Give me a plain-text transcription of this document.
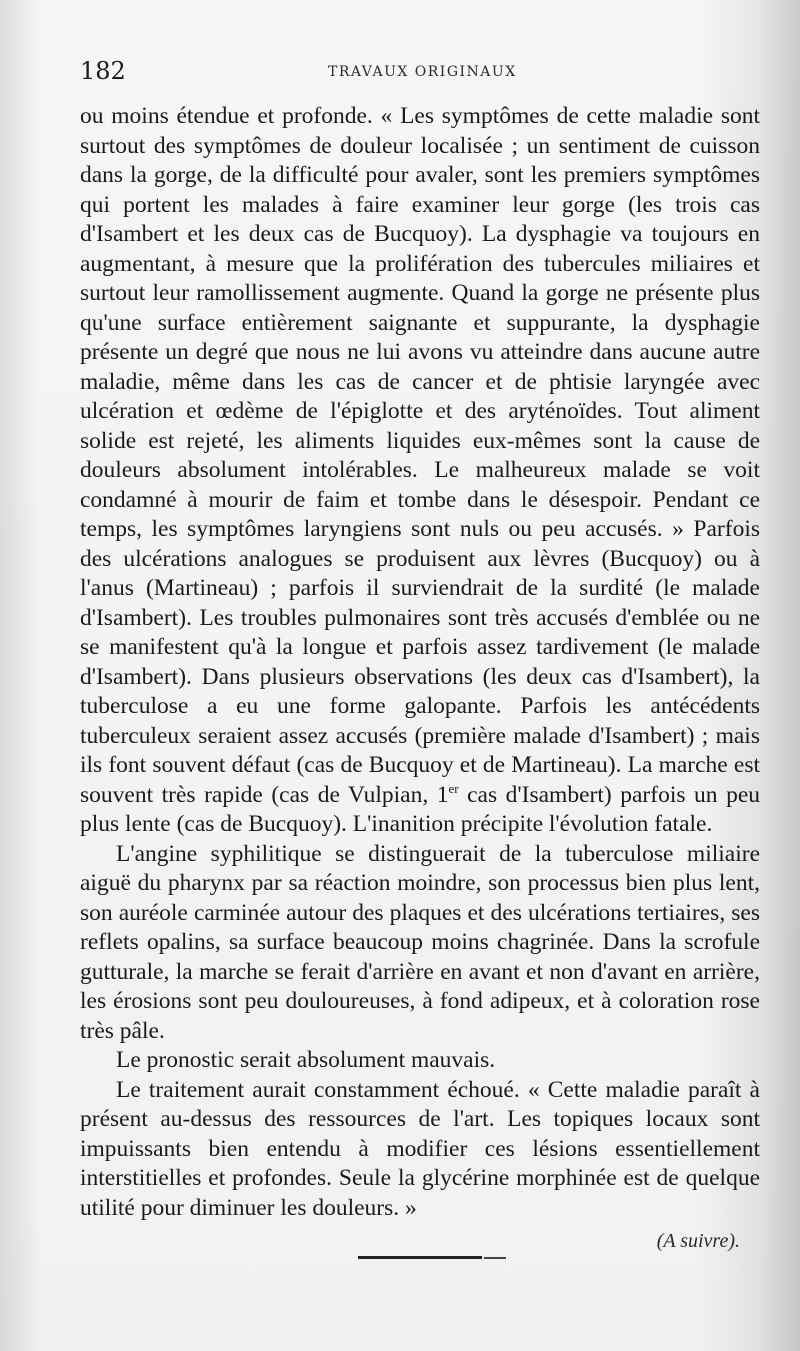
182	TRAVAUX ORIGINAUX

ou moins étendue et profonde. « Les symptômes de cette maladie sont surtout des symptômes de douleur localisée ; un sentiment de cuisson dans la gorge, de la difficulté pour avaler, sont les premiers symptômes qui portent les malades à faire examiner leur gorge (les trois cas d'Isambert et les deux cas de Bucquoy). La dysphagie va toujours en augmentant, à mesure que la prolifération des tubercules miliaires et surtout leur ramollissement augmente. Quand la gorge ne présente plus qu'une surface entièrement saignante et suppurante, la dysphagie présente un degré que nous ne lui avons vu atteindre dans aucune autre maladie, même dans les cas de cancer et de phtisie laryngée avec ulcération et œdème de l'épiglotte et des aryténoïdes. Tout aliment solide est rejeté, les aliments liquides eux-mêmes sont la cause de douleurs absolument intolérables. Le malheureux malade se voit condamné à mourir de faim et tombe dans le désespoir. Pendant ce temps, les symptômes laryngiens sont nuls ou peu accusés. » Parfois des ulcérations analogues se produisent aux lèvres (Bucquoy) ou à l'anus (Martineau) ; parfois il surviendrait de la surdité (le malade d'Isambert). Les troubles pulmonaires sont très accusés d'emblée ou ne se manifestent qu'à la longue et parfois assez tardivement (le malade d'Isambert). Dans plusieurs observations (les deux cas d'Isambert), la tuberculose a eu une forme galopante. Parfois les antécédents tuberculeux seraient assez accusés (première malade d'Isambert) ; mais ils font souvent défaut (cas de Bucquoy et de Martineau). La marche est souvent très rapide (cas de Vulpian, 1er cas d'Isambert) parfois un peu plus lente (cas de Bucquoy). L'inanition précipite l'évolution fatale.

L'angine syphilitique se distinguerait de la tuberculose miliaire aiguë du pharynx par sa réaction moindre, son processus bien plus lent, son auréole carminée autour des plaques et des ulcérations tertiaires, ses reflets opalins, sa surface beaucoup moins chagrinée. Dans la scrofule gutturale, la marche se ferait d'arrière en avant et non d'avant en arrière, les érosions sont peu douloureuses, à fond adipeux, et à coloration rose très pâle.

Le pronostic serait absolument mauvais.

Le traitement aurait constamment échoué. « Cette maladie paraît à présent au-dessus des ressources de l'art. Les topiques locaux sont impuissants bien entendu à modifier ces lésions essentiellement interstitielles et profondes. Seule la glycérine morphinée est de quelque utilité pour diminuer les douleurs. »

(A suivre).
